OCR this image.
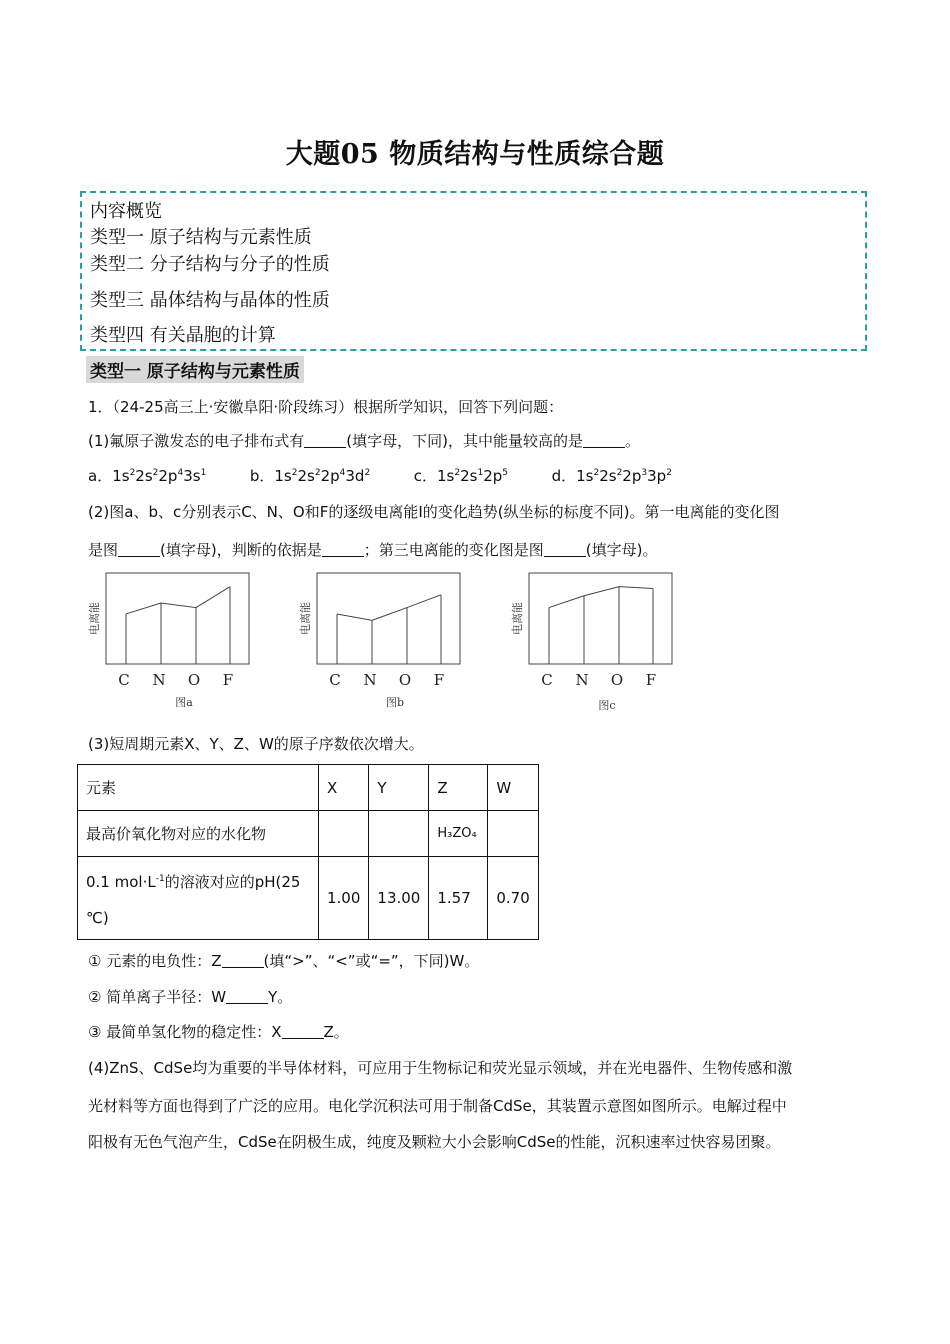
大题05 物质结构与性质综合题
内容概览
类型一 原子结构与元素性质
类型二 分子结构与分子的性质
类型三 晶体结构与晶体的性质
类型四 有关晶胞的计算
类型一 原子结构与元素性质
1．（24-25高三上·安徽阜阳·阶段练习）根据所学知识，回答下列问题：
(1)氟原子激发态的电子排布式有	(填字母，下同)，其中能量较高的是	。
a．$1s^22s^22p^43s^1$	b．$1s^22s^22p^43d^2$	c．$1s^22s^12p^5$	d．$1s^22s^22p^33p^2$
(2)图a、b、c分别表示C、N、O和F的逐级电离能I的变化趋势(纵坐标的标度不同)。第一电离能的变化图
是图	(填字母)，判断的依据是	；第三电离能的变化图是图	(填字母)。
C N O F
电离能
图a
C N O F
电离能
图b
C N O F
电离能
图c
(3)短周期元素X、Y、Z、W的原子序数依次增大。
元素	X	Y	Z	W
最高价氧化物对应的水化物			H₃ZO₄	
0.1 $mol\cdot L^{-1}$的溶液对应的pH(25
℃)	1.00	13.00	1.57	0.70
① 元素的电负性：Z	(填“>”、“<”或“=”，下同)W。
② 简单离子半径：W	Y。
③ 最简单氢化物的稳定性：X	Z。
(4)ZnS、CdSe均为重要的半导体材料，可应用于生物标记和荧光显示领域，并在光电器件、生物传感和激
光材料等方面也得到了广泛的应用。电化学沉积法可用于制备CdSe，其装置示意图如图所示。电解过程中
阳极有无色气泡产生，CdSe在阴极生成，纯度及颗粒大小会影响CdSe的性能，沉积速率过快容易团聚。
